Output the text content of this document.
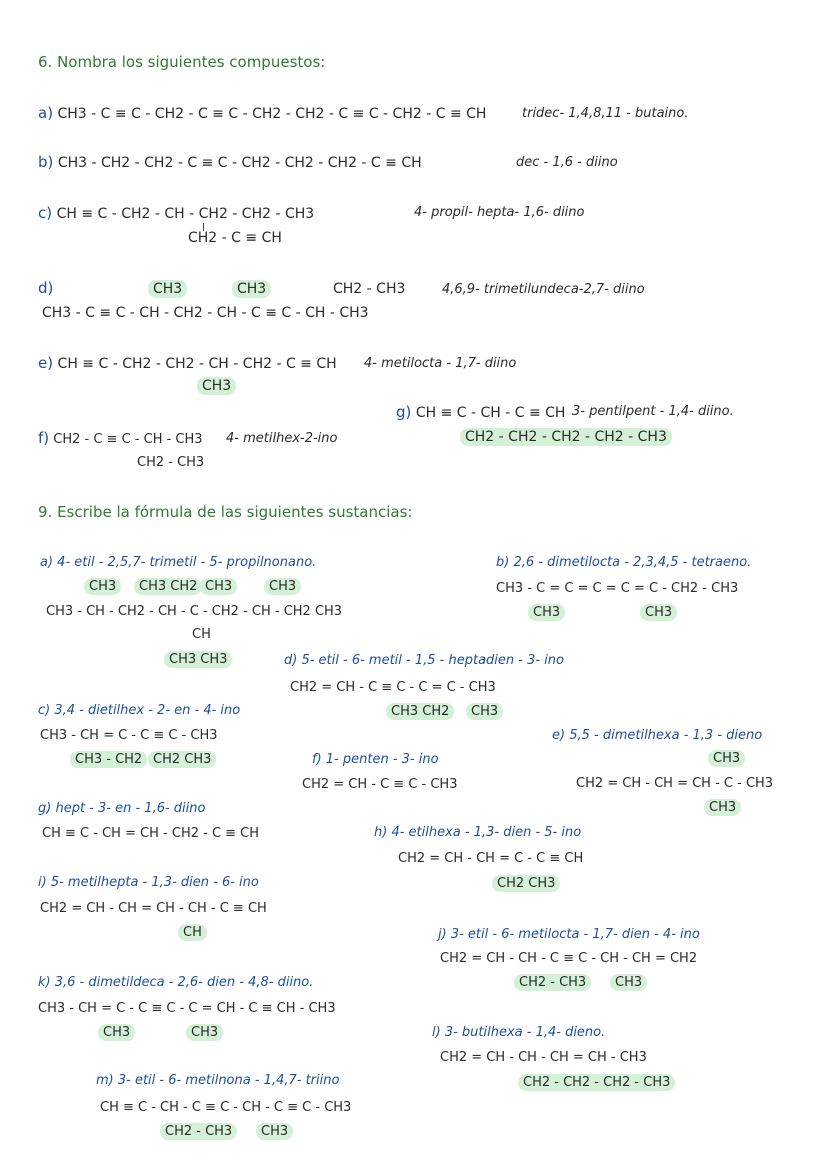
6. Nombra los siguientes compuestos:
a) CH3 - C ≡ C - CH2 - C ≡ C - CH2 - CH2 - C ≡ C - CH2 - C ≡ CH	tridec- 1,4,8,11 - butaino.
b) CH3 - CH2 - CH2 - C ≡ C - CH2 - CH2 - CH2 - C ≡ CH	dec - 1,6 - diino
c) CH ≡ C - CH2 - CH - CH2 - CH2 - CH3
CH2 - C ≡ CH
4- propil- hepta- 1,6- diino
d)	CH3	CH3	CH2 - CH3
CH3 - C ≡ C - CH - CH2 - CH - C ≡ C - CH - CH3
4,6,9- trimetilundeca-2,7- diino
e) CH ≡ C - CH2 - CH2 - CH - CH2 - C ≡ CH
CH3
4- metilocta - 1,7- diino
g) CH ≡ C - CH - C ≡ CH
CH2 - CH2 - CH2 - CH2 - CH3
3- pentilpent - 1,4- diino.
f) CH2 - C ≡ C - CH - CH3
CH2 - CH3
4- metilhex-2-ino
9. Escribe la fórmula de las siguientes sustancias:
a) 4- etil - 2,5,7- trimetil - 5- propilnonano.
CH3	CH3 CH2 CH3	CH3
CH3 - CH - CH2 - CH - C - CH2 - CH - CH2 CH3
CH
CH3 CH3
b) 2,6 - dimetilocta - 2,3,4,5 - tetraeno.
CH3 - C = C = C = C = C - CH2 - CH3
CH3	CH3
d) 5- etil - 6- metil - 1,5 - heptadien - 3- ino
CH2 = CH - C ≡ C - C = C - CH3
CH3 CH2	CH3
c) 3,4 - dietilhex - 2- en - 4- ino
CH3 - CH = C - C ≡ C - CH3
CH3 - CH2 CH2 CH3
e) 5,5 - dimetilhexa - 1,3 - dieno
CH3
CH2 = CH - CH = CH - C - CH3
CH3
f) 1- penten - 3- ino
CH2 = CH - C ≡ C - CH3
g) hept - 3- en - 1,6- diino
CH ≡ C - CH = CH - CH2 - C ≡ CH	h) 4- etilhexa - 1,3- dien - 5- ino
CH2 = CH - CH = C - C ≡ CH
CH2 CH3
i) 5- metilhepta - 1,3- dien - 6- ino
CH2 = CH - CH = CH - CH - C ≡ CH
CH	j) 3- etil - 6- metilocta - 1,7- dien - 4- ino
CH2 = CH - CH - C ≡ C - CH - CH = CH2
CH2 - CH3	CH3
k) 3,6 - dimetildeca - 2,6- dien - 4,8- diino.
CH3 - CH = C - C ≡ C - C = CH - C ≡ CH - CH3
CH3	CH3	l) 3- butilhexa - 1,4- dieno.
CH2 = CH - CH - CH = CH - CH3
CH2 - CH2 - CH2 - CH3
m) 3- etil - 6- metilnona - 1,4,7- triino
CH ≡ C - CH - C ≡ C - CH - C ≡ C - CH3
CH2 - CH3	CH3
